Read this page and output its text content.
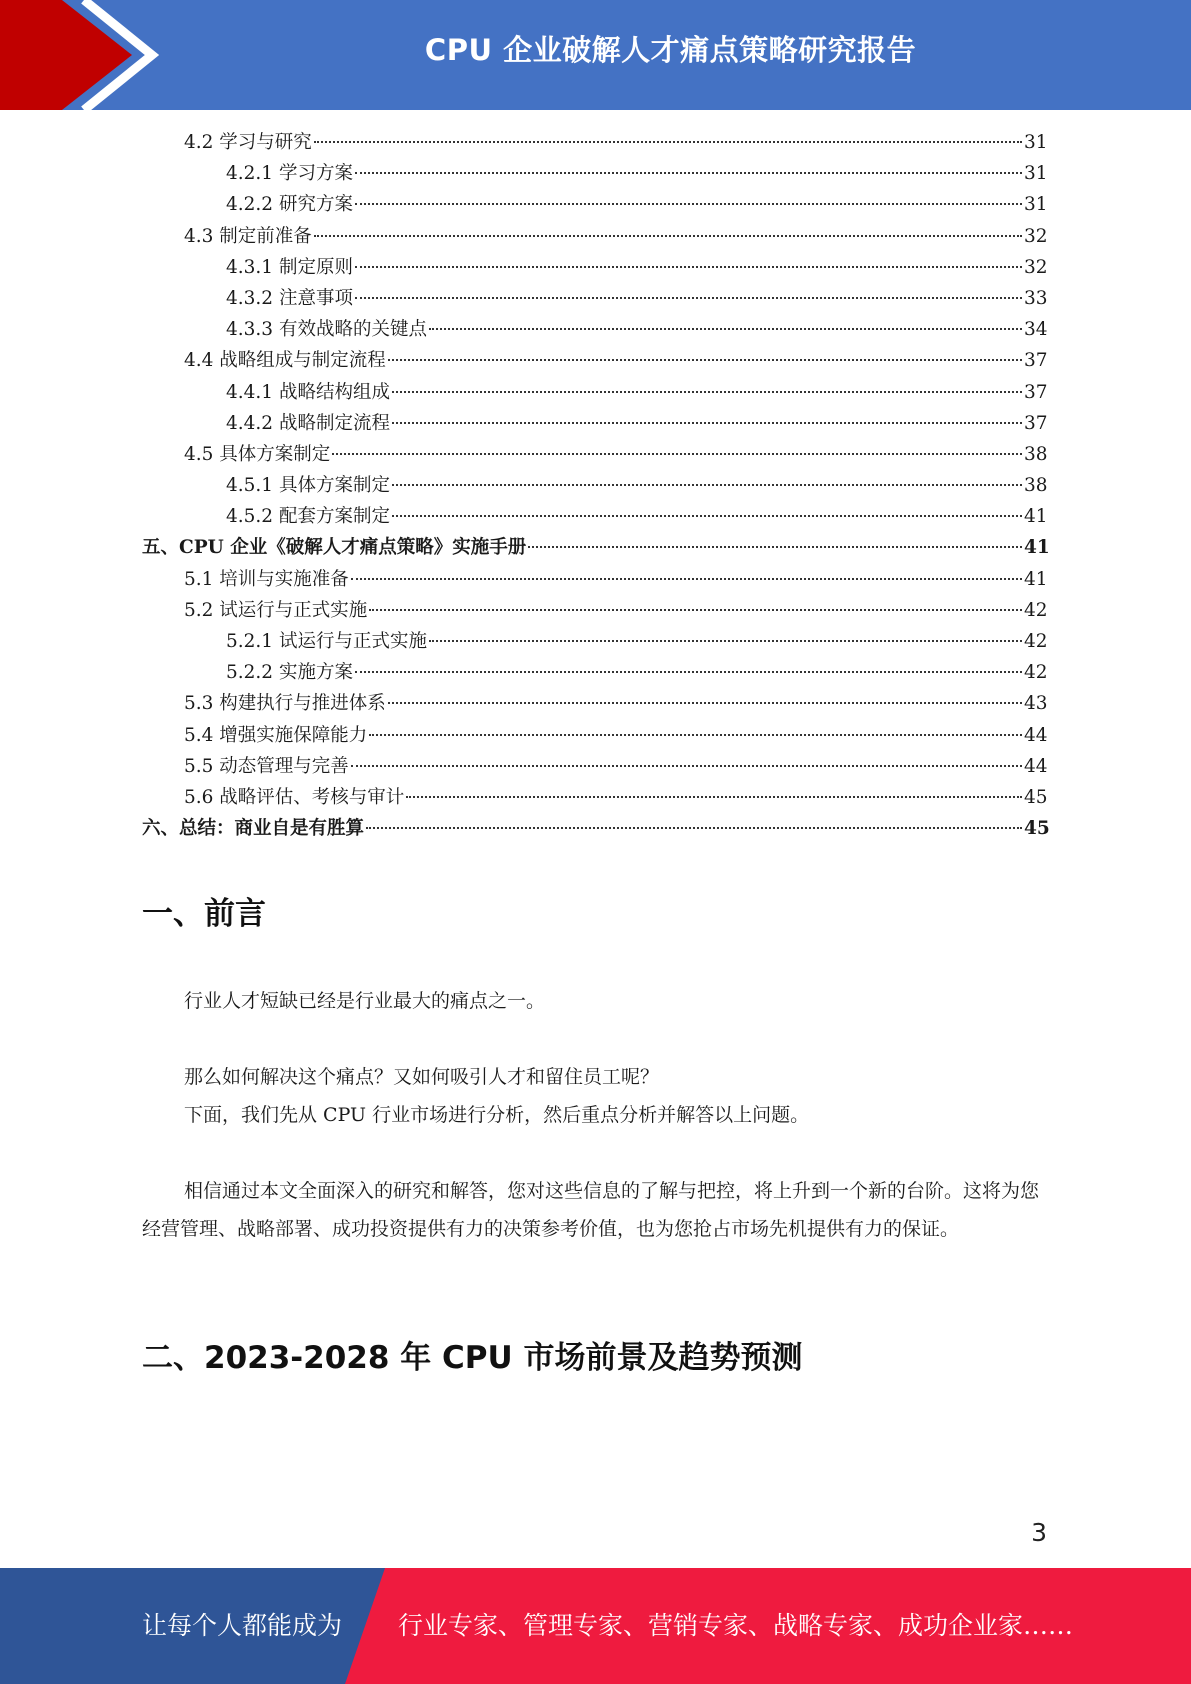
CPU 企业破解人才痛点策略研究报告
4.2 学习与研究	31
4.2.1 学习方案	31
4.2.2 研究方案	31
4.3 制定前准备	32
4.3.1 制定原则	32
4.3.2 注意事项	33
4.3.3 有效战略的关键点	34
4.4 战略组成与制定流程	37
4.4.1 战略结构组成	37
4.4.2 战略制定流程	37
4.5 具体方案制定	38
4.5.1 具体方案制定	38
4.5.2 配套方案制定	41
五、CPU 企业《破解人才痛点策略》实施手册	41
5.1 培训与实施准备	41
5.2 试运行与正式实施	42
5.2.1 试运行与正式实施	42
5.2.2 实施方案	42
5.3 构建执行与推进体系	43
5.4 增强实施保障能力	44
5.5 动态管理与完善	44
5.6 战略评估、考核与审计	45
六、总结：商业自是有胜算	45
一、前言

行业人才短缺已经是行业最大的痛点之一。

那么如何解决这个痛点？又如何吸引人才和留住员工呢？

下面，我们先从 CPU 行业市场进行分析，然后重点分析并解答以上问题。

相信通过本文全面深入的研究和解答，您对这些信息的了解与把控，将上升到一个新的台阶。这将为您经营管理、战略部署、成功投资提供有力的决策参考价值，也为您抢占市场先机提供有力的保证。

二、2023-2028 年 CPU 市场前景及趋势预测
3
让每个人都能成为 行业专家、管理专家、营销专家、战略专家、成功企业家……
